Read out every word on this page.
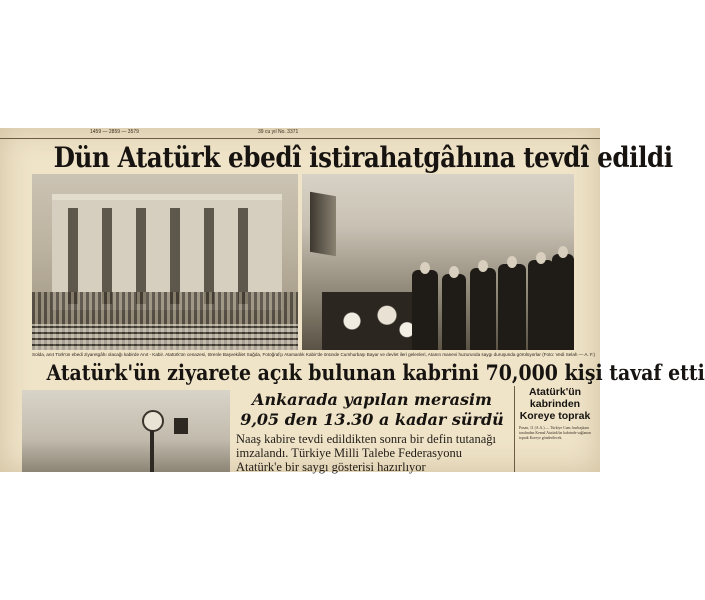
1459 — 2859 — 3579	39 cu yıl No. 3371
Dün Atatürk ebedî istirahatgâhına tevdî edildi
Solda, anıt Türk'ün ebedi ziyaretgâhı olacağı kabirde Anıt - Kabir. Atatürk'ün cenazesi, törenle Başvekâlet Sağda, Fotoğrafçı Atamanlık Kabir'de önünde Cumhurbaşı Bayar ve devlet ileri gelenleri, Atanın manevi huzurunda saygı duruşunda görülüyorlar (Foto: Vedi Selah — A. F.)
Atatürk'ün ziyarete açık bulunan kabrini 70,000 kişi tavaf etti
Ankarada yapılan merasim
9,05 den 13.30 a kadar sürdü
Naaş kabire tevdi edildikten sonra bir defin tutanağı
imzalandı. Türkiye Milli Talebe Federasyonu
Atatürk'e bir saygı gösterisi hazırlıyor
Atatürk'ün
kabrinden
Koreye toprak
Pusan, 11 (A.A.) — Türkiye Cum. hurbaşkanı tarafından Kemal Atatürk'ün kabrinde sağlanan toprak Koreye gönderilecek.
